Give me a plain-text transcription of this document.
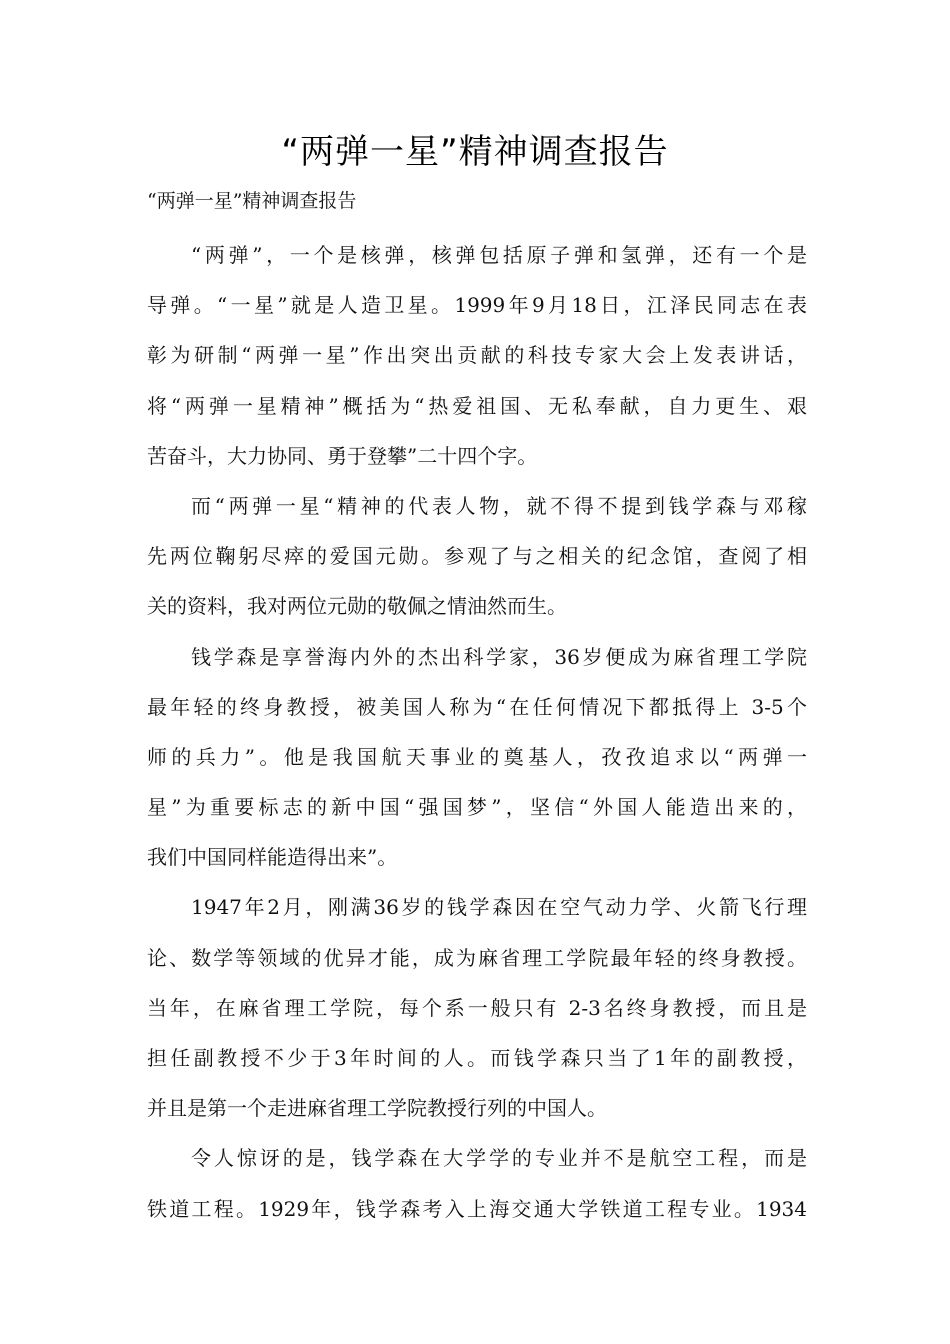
“两弹一星”精神调查报告
“两弹一星”精神调查报告

“两弹”，一个是核弹，核弹包括原子弹和氢弹，还有一个是
导弹。“一星”就是人造卫星。1999年9月18日，江泽民同志在表
彰为研制“两弹一星”作出突出贡献的科技专家大会上发表讲话，
将“两弹一星精神”概括为“热爱祖国、无私奉献，自力更生、艰
苦奋斗，大力协同、勇于登攀”二十四个字。

而“两弹一星“精神的代表人物，就不得不提到钱学森与邓稼
先两位鞠躬尽瘁的爱国元勋。参观了与之相关的纪念馆，查阅了相
关的资料，我对两位元勋的敬佩之情油然而生。

钱学森是享誉海内外的杰出科学家，36岁便成为麻省理工学院
最年轻的终身教授，被美国人称为“在任何情况下都抵得上 3-5个
师的兵力”。他是我国航天事业的奠基人，孜孜追求以“两弹一
星”为重要标志的新中国“强国梦”，坚信“外国人能造出来的，
我们中国同样能造得出来”。

1947年2月，刚满36岁的钱学森因在空气动力学、火箭飞行理
论、数学等领域的优异才能，成为麻省理工学院最年轻的终身教授。
当年，在麻省理工学院，每个系一般只有 2-3名终身教授，而且是
担任副教授不少于3年时间的人。而钱学森只当了1年的副教授，
并且是第一个走进麻省理工学院教授行列的中国人。

令人惊讶的是，钱学森在大学学的专业并不是航空工程，而是
铁道工程。1929年，钱学森考入上海交通大学铁道工程专业。1934
